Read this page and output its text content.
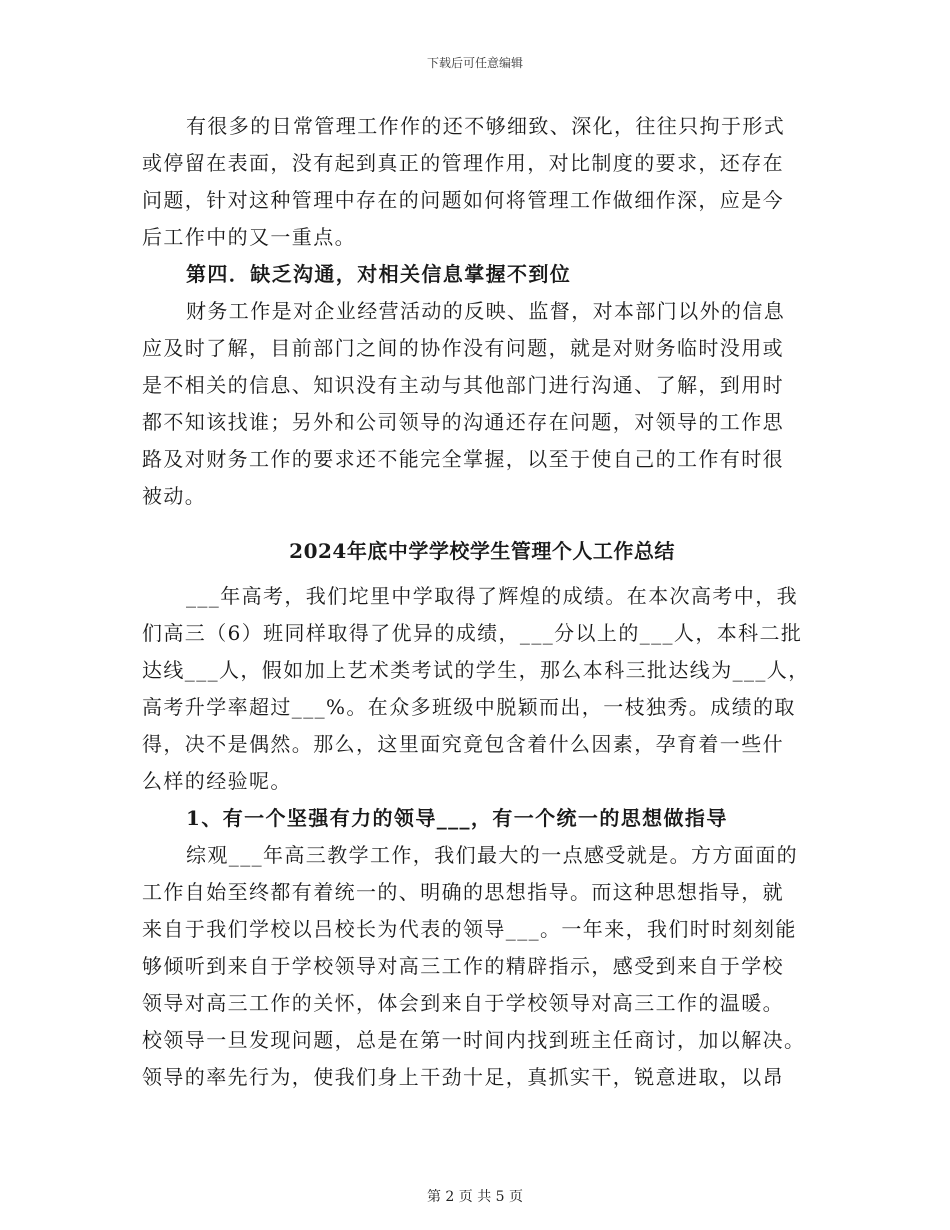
下载后可任意编辑
有很多的日常管理工作作的还不够细致、深化，往往只拘于形式
或停留在表面，没有起到真正的管理作用，对比制度的要求，还存在
问题，针对这种管理中存在的问题如何将管理工作做细作深，应是今
后工作中的又一重点。
第四．缺乏沟通，对相关信息掌握不到位
财务工作是对企业经营活动的反映、监督，对本部门以外的信息
应及时了解，目前部门之间的协作没有问题，就是对财务临时没用或
是不相关的信息、知识没有主动与其他部门进行沟通、了解，到用时
都不知该找谁；另外和公司领导的沟通还存在问题，对领导的工作思
路及对财务工作的要求还不能完全掌握，以至于使自己的工作有时很
被动。
2024年底中学学校学生管理个人工作总结
___年高考，我们坨里中学取得了辉煌的成绩。在本次高考中，我
们高三（6）班同样取得了优异的成绩，___分以上的___人，本科二批
达线___人，假如加上艺术类考试的学生，那么本科三批达线为___人，
高考升学率超过___%。在众多班级中脱颖而出，一枝独秀。成绩的取
得，决不是偶然。那么，这里面究竟包含着什么因素，孕育着一些什
么样的经验呢。
1、有一个坚强有力的领导___，有一个统一的思想做指导
综观___年高三教学工作，我们最大的一点感受就是。方方面面的
工作自始至终都有着统一的、明确的思想指导。而这种思想指导，就
来自于我们学校以吕校长为代表的领导___。一年来，我们时时刻刻能
够倾听到来自于学校领导对高三工作的精辟指示，感受到来自于学校
领导对高三工作的关怀，体会到来自于学校领导对高三工作的温暖。
校领导一旦发现问题，总是在第一时间内找到班主任商讨，加以解决。
领导的率先行为，使我们身上干劲十足，真抓实干，锐意进取，以昂
第 2 页 共 5 页
